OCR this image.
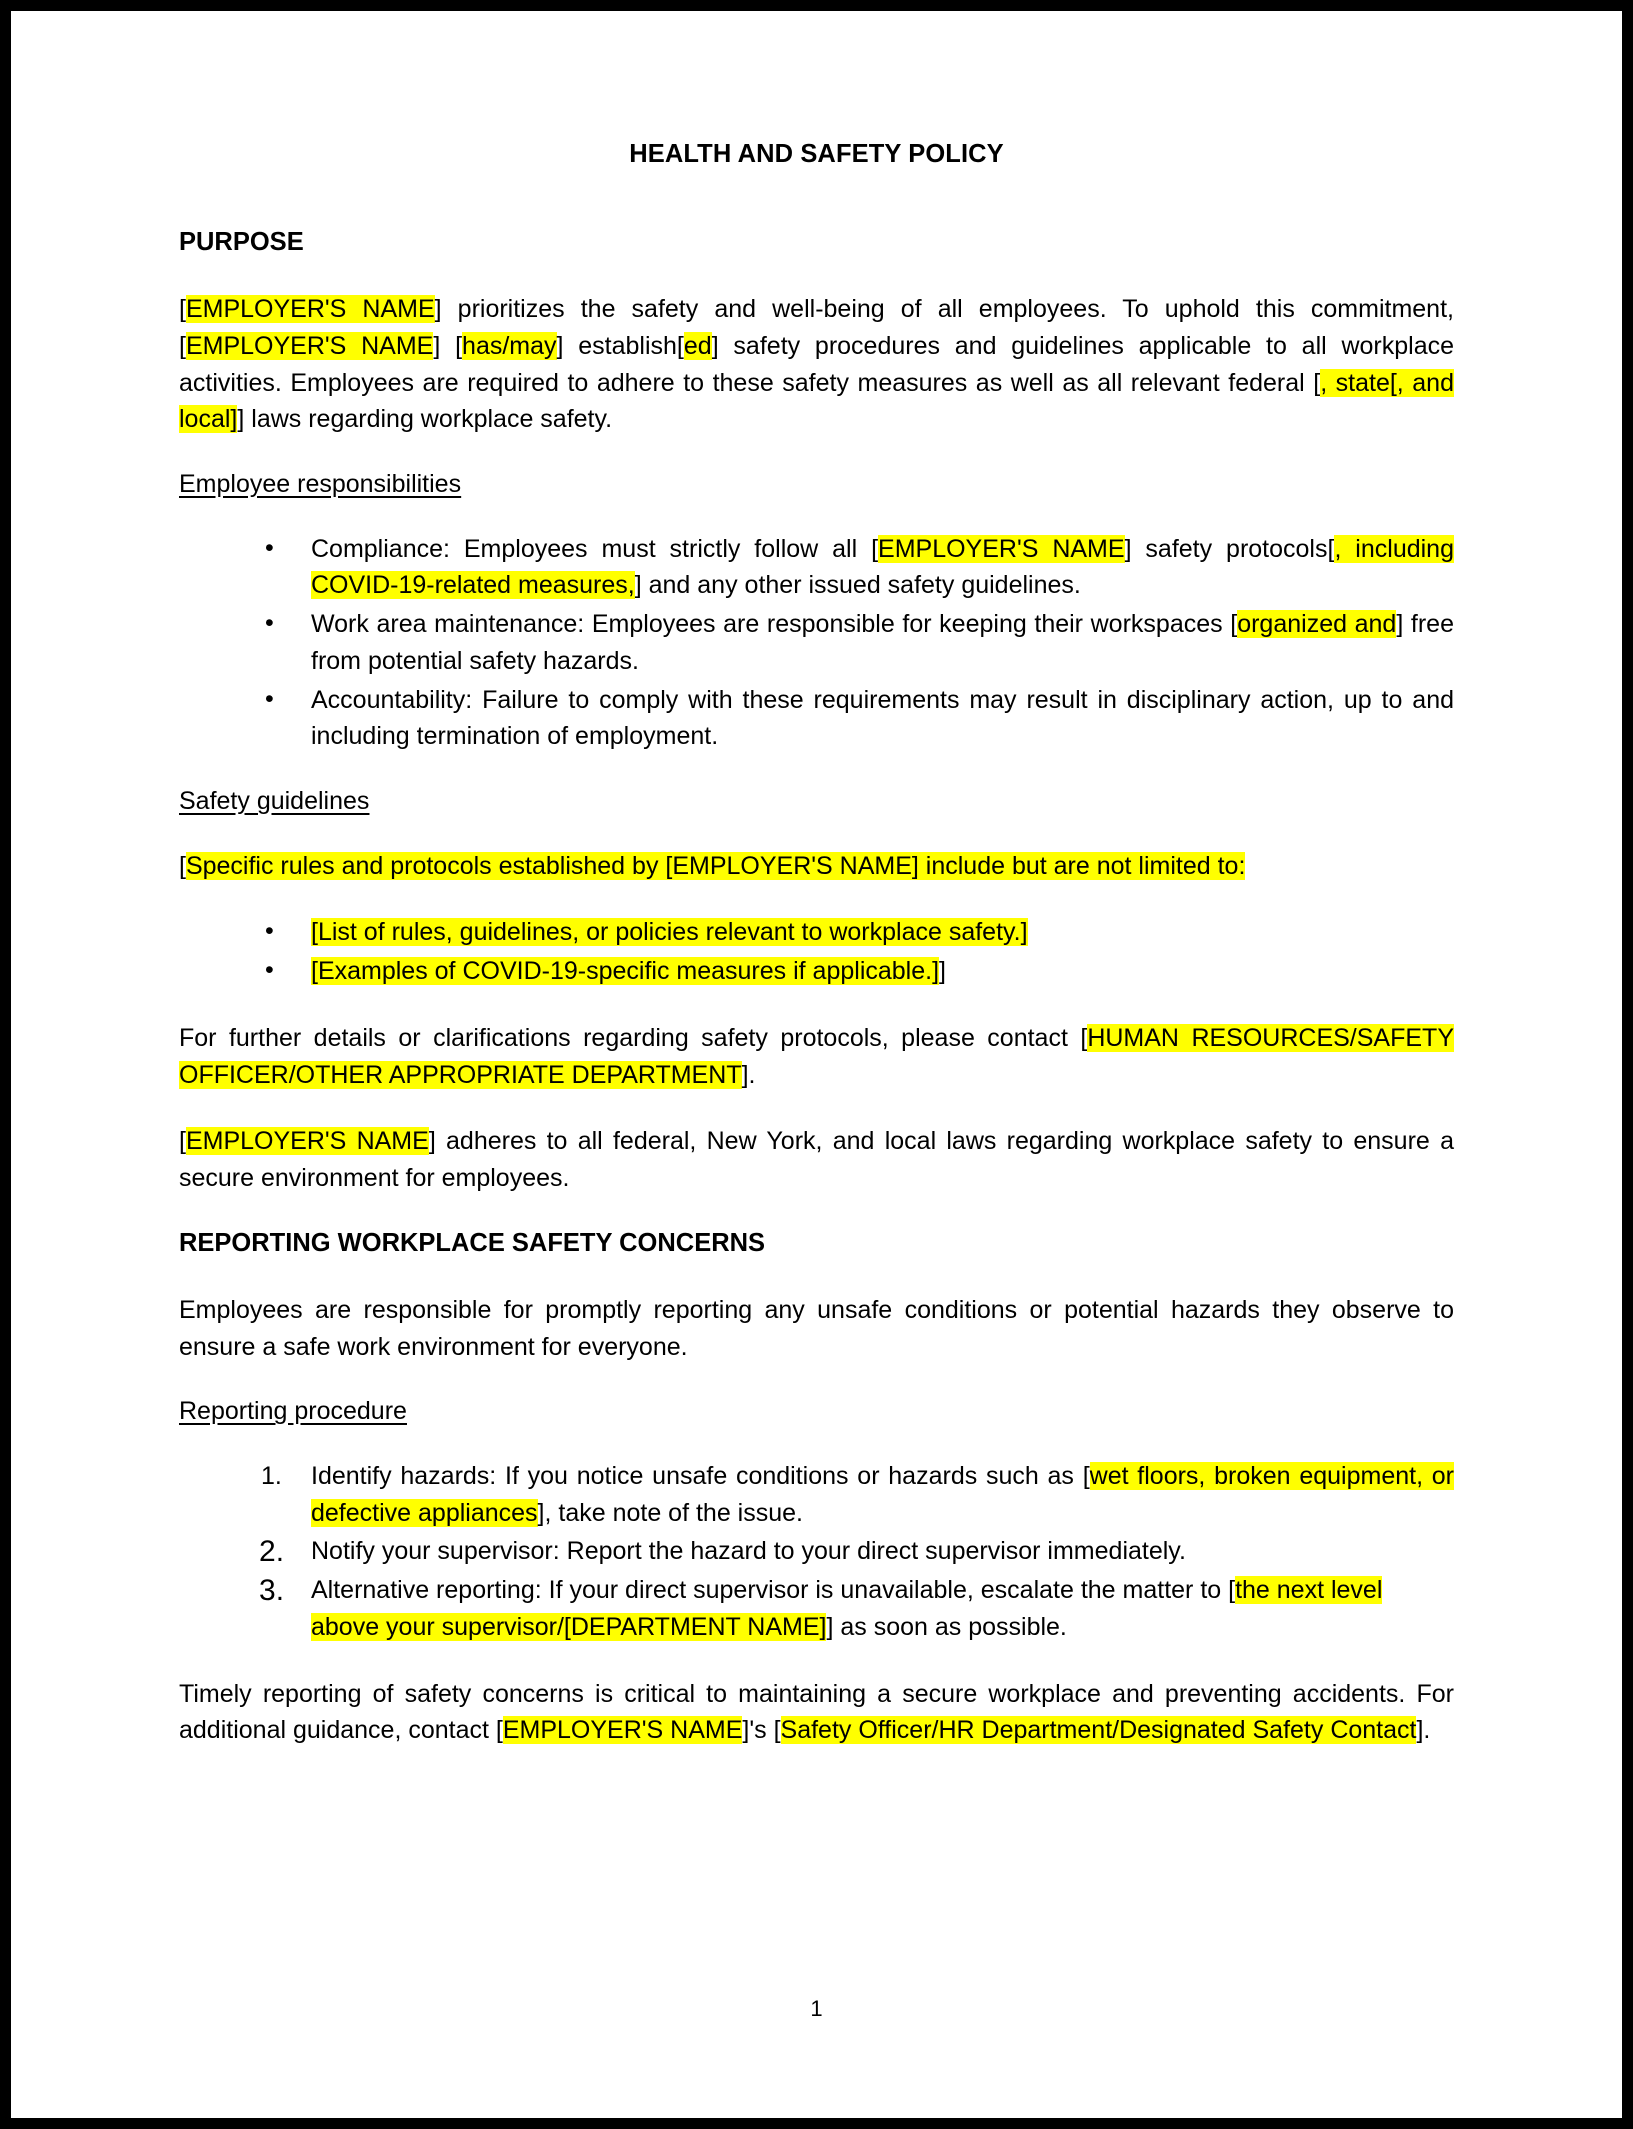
HEALTH AND SAFETY POLICY
PURPOSE

[EMPLOYER'S NAME] prioritizes the safety and well-being of all employees. To uphold this commitment, [EMPLOYER'S NAME] [has/may] establish[ed] safety procedures and guidelines applicable to all workplace activities. Employees are required to adhere to these safety measures as well as all relevant federal [, state[, and local]] laws regarding workplace safety.

Employee responsibilities
• Compliance: Employees must strictly follow all [EMPLOYER'S NAME] safety protocols[, including COVID-19-related measures,] and any other issued safety guidelines.
• Work area maintenance: Employees are responsible for keeping their workspaces [organized and] free from potential safety hazards.
• Accountability: Failure to comply with these requirements may result in disciplinary action, up to and including termination of employment.
Safety guidelines

[Specific rules and protocols established by [EMPLOYER'S NAME] include but are not limited to:

• [List of rules, guidelines, or policies relevant to workplace safety.]
• [Examples of COVID-19-specific measures if applicable.]]

For further details or clarifications regarding safety protocols, please contact [HUMAN RESOURCES/SAFETY OFFICER/OTHER APPROPRIATE DEPARTMENT].

[EMPLOYER'S NAME] adheres to all federal, New York, and local laws regarding workplace safety to ensure a secure environment for employees.

REPORTING WORKPLACE SAFETY CONCERNS

Employees are responsible for promptly reporting any unsafe conditions or potential hazards they observe to ensure a safe work environment for everyone.

Reporting procedure
Identify hazards: If you notice unsafe conditions or hazards such as [wet floors, broken equipment, or defective appliances], take note of the issue.
Notify your supervisor: Report the hazard to your direct supervisor immediately.
Alternative reporting: If your direct supervisor is unavailable, escalate the matter to [the next level above your supervisor/[DEPARTMENT NAME]] as soon as possible.

Timely reporting of safety concerns is critical to maintaining a secure workplace and preventing accidents. For additional guidance, contact [EMPLOYER'S NAME]'s [Safety Officer/HR Department/Designated Safety Contact].

1
